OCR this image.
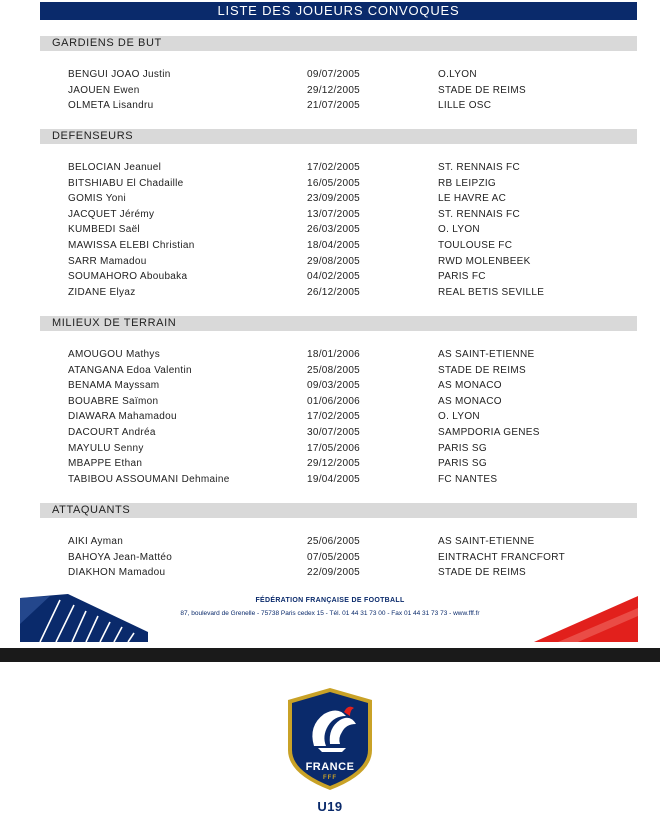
LISTE DES JOUEURS CONVOQUES
GARDIENS DE BUT
BENGUI JOAO Justin	09/07/2005	O.LYON
JAOUEN Ewen	29/12/2005	STADE DE REIMS
OLMETA Lisandru	21/07/2005	LILLE OSC
DEFENSEURS
BELOCIAN Jeanuel	17/02/2005	ST. RENNAIS FC
BITSHIABU El Chadaille	16/05/2005	RB LEIPZIG
GOMIS Yoni	23/09/2005	LE HAVRE AC
JACQUET Jérémy	13/07/2005	ST. RENNAIS FC
KUMBEDI Saël	26/03/2005	O. LYON
MAWISSA ELEBI Christian	18/04/2005	TOULOUSE FC
SARR Mamadou	29/08/2005	RWD MOLENBEEK
SOUMAHORO Aboubaka	04/02/2005	PARIS FC
ZIDANE Elyaz	26/12/2005	REAL BETIS SEVILLE
MILIEUX DE TERRAIN
AMOUGOU Mathys	18/01/2006	AS SAINT-ETIENNE
ATANGANA Edoa Valentin	25/08/2005	STADE DE REIMS
BENAMA Mayssam	09/03/2005	AS MONACO
BOUABRE Saïmon	01/06/2006	AS MONACO
DIAWARA Mahamadou	17/02/2005	O. LYON
DACOURT Andréa	30/07/2005	SAMPDORIA GENES
MAYULU Senny	17/05/2006	PARIS SG
MBAPPE Ethan	29/12/2005	PARIS SG
TABIBOU ASSOUMANI Dehmaine	19/04/2005	FC NANTES
ATTAQUANTS
AIKI Ayman	25/06/2005	AS SAINT-ETIENNE
BAHOYA Jean-Mattéo	07/05/2005	EINTRACHT FRANCFORT
DIAKHON Mamadou	22/09/2005	STADE DE REIMS
FÉDÉRATION FRANÇAISE DE FOOTBALL
87, boulevard de Grenelle - 75738 Paris cedex 15 - Tél. 01 44 31 73 00 - Fax 01 44 31 73 73 - www.fff.fr
FRANCE
FFF
U19
